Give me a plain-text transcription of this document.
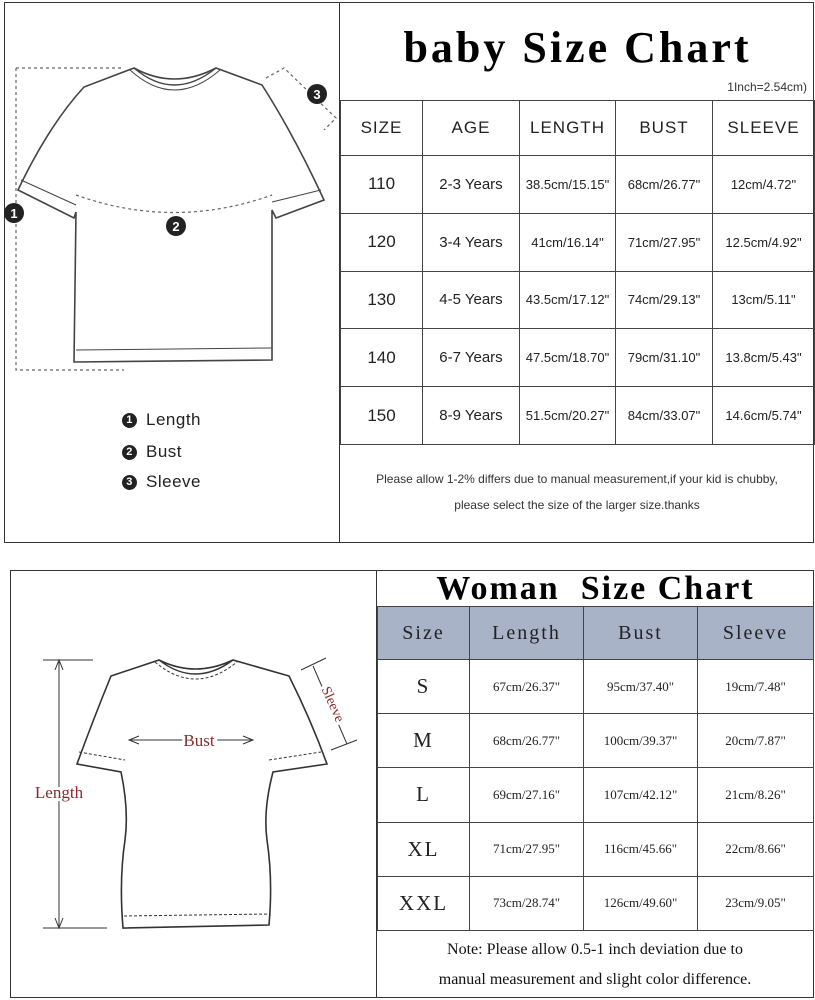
baby Size Chart
1Inch=2.54cm)
1
2
3
1 Length
2 Bust
3 Sleeve
SIZE	AGE	LENGTH	BUST	SLEEVE
110	2-3 Years	38.5cm/15.15"	68cm/26.77"	12cm/4.72"
120	3-4 Years	41cm/16.14"	71cm/27.95"	12.5cm/4.92"
130	4-5 Years	43.5cm/17.12"	74cm/29.13"	13cm/5.11"
140	6-7 Years	47.5cm/18.70"	79cm/31.10"	13.8cm/5.43"
150	8-9 Years	51.5cm/20.27"	84cm/33.07"	14.6cm/5.74"
Please allow 1-2% differs due to manual measurement,if your kid is chubby,
please select the size of the larger size.thanks
Woman  Size Chart
Length
Bust
Sleeve
Size	Length	Bust	Sleeve
S	67cm/26.37"	95cm/37.40"	19cm/7.48"
M	68cm/26.77"	100cm/39.37"	20cm/7.87"
L	69cm/27.16"	107cm/42.12"	21cm/8.26"
XL	71cm/27.95"	116cm/45.66"	22cm/8.66"
XXL	73cm/28.74"	126cm/49.60"	23cm/9.05"
Note: Please allow 0.5-1 inch deviation due to
manual measurement and slight color difference.
